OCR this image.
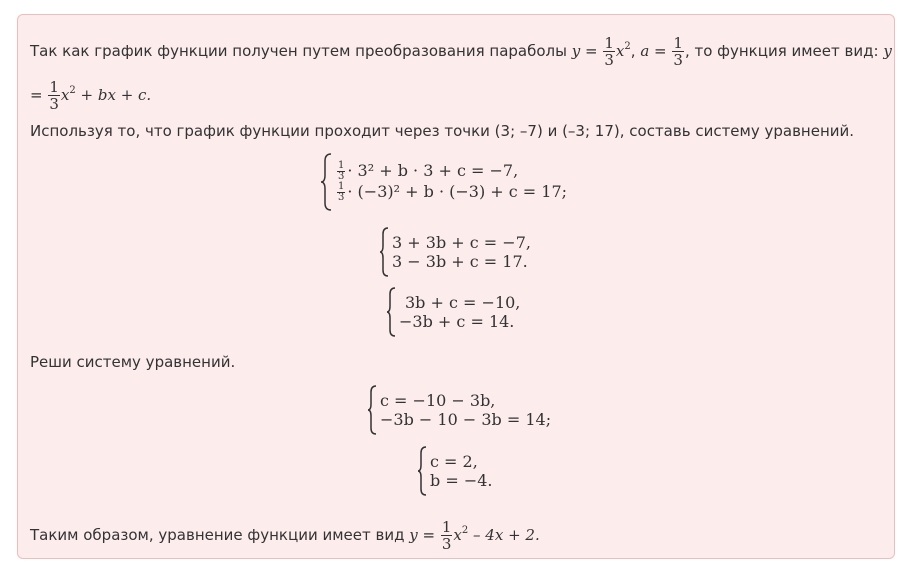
Так как график функции получен путем преобразования параболы $y = \frac{1}{3} x^2$, $a = \frac{1}{3}$ , то функция имеет вид: y
= $\frac{1}{3} x^2$ + bx + c.
Используя то, что график функции проходит через точки (3; –7) и (–3; 17), составь систему уравнений.
$\frac{1}{3} \cdot 3^2 + b \cdot 3 + c = -7$,
$\frac{1}{3} \cdot (-3)^2 + b \cdot (-3) + c = 17$;
3 + 3b + c = −7,
3 − 3b + c = 17.
3b + c = −10,
−3b + c = 14.
Реши систему уравнений.
c = −10 − 3b,
−3b − 10 − 3b = 14;
c = 2,
b = −4.
Таким образом, уравнение функции имеет вид $y = \frac{1}{3} x^2 - 4x + 2$.
